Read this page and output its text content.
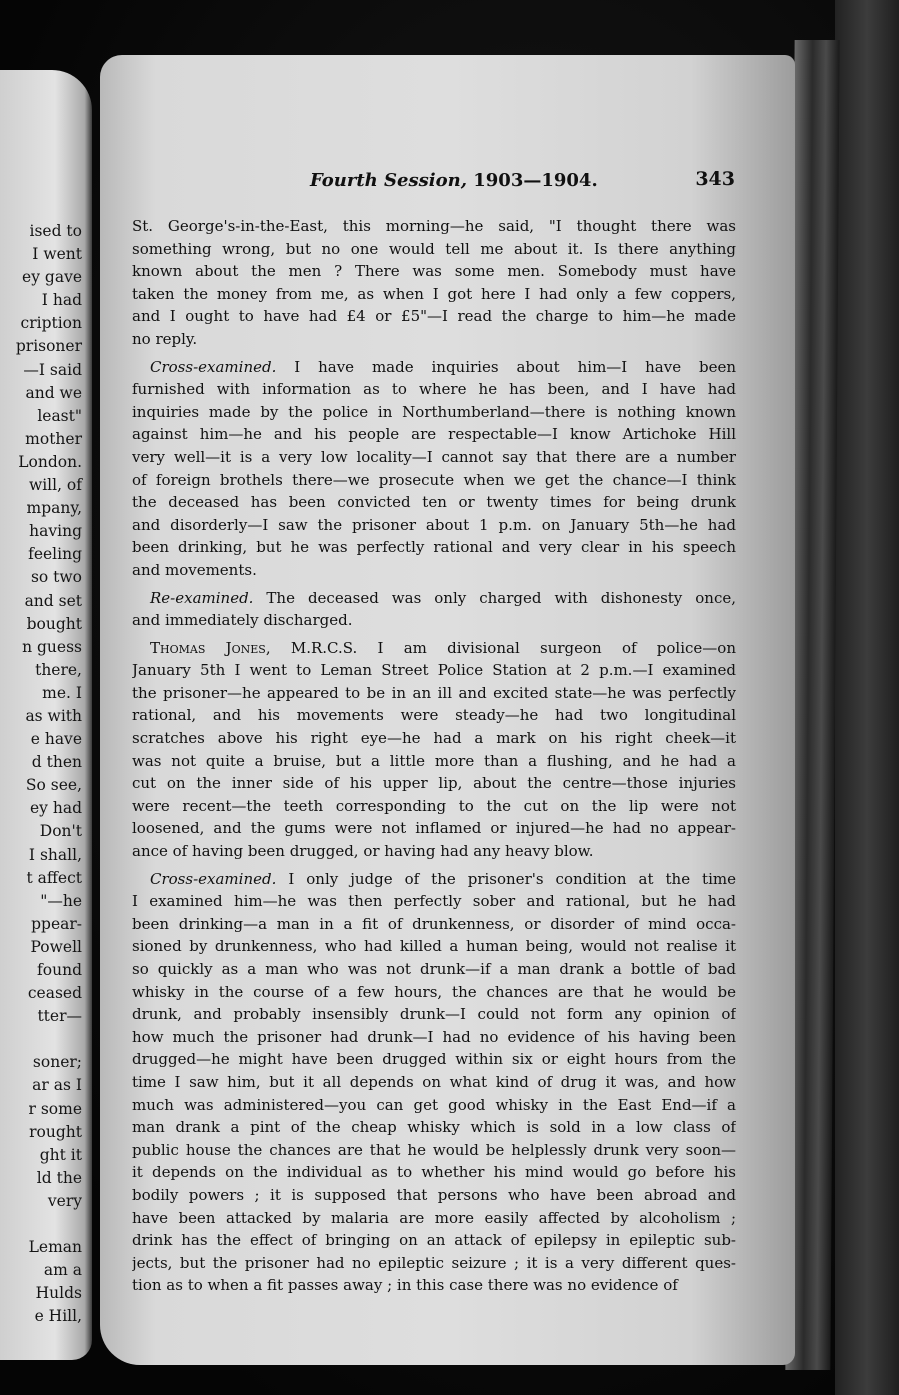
ised to
I went
ey gave
I had
cription
prisoner
—I said
and we
least"
mother
London.
will, of
mpany,
having
feeling
so two
and set
bought
n guess
there,
me. I
as with
e have
d then
So see,
ey had
Don't
I shall,
t affect
"—he
ppear-
Powell
found
ceased
tter—
soner;
ar as I
r some
rought
ght it
ld the
very
Leman
am a
Hulds
e Hill,
Fourth Session, 1903—1904.	343
St. George's-in-the-East, this morning—he said, "I thought there was
something wrong, but no one would tell me about it. Is there anything
known about the men ? There was some men. Somebody must have
taken the money from me, as when I got here I had only a few coppers,
and I ought to have had £4 or £5"—I read the charge to him—he made
no reply.
Cross-examined. I have made inquiries about him—I have been
furnished with information as to where he has been, and I have had
inquiries made by the police in Northumberland—there is nothing known
against him—he and his people are respectable—I know Artichoke Hill
very well—it is a very low locality—I cannot say that there are a number
of foreign brothels there—we prosecute when we get the chance—I think
the deceased has been convicted ten or twenty times for being drunk
and disorderly—I saw the prisoner about 1 p.m. on January 5th—he had
been drinking, but he was perfectly rational and very clear in his speech
and movements.
Re-examined. The deceased was only charged with dishonesty once,
and immediately discharged.
Thomas Jones, M.R.C.S. I am divisional surgeon of police—on
January 5th I went to Leman Street Police Station at 2 p.m.—I examined
the prisoner—he appeared to be in an ill and excited state—he was perfectly
rational, and his movements were steady—he had two longitudinal
scratches above his right eye—he had a mark on his right cheek—it
was not quite a bruise, but a little more than a flushing, and he had a
cut on the inner side of his upper lip, about the centre—those injuries
were recent—the teeth corresponding to the cut on the lip were not
loosened, and the gums were not inflamed or injured—he had no appear-
ance of having been drugged, or having had any heavy blow.
Cross-examined. I only judge of the prisoner's condition at the time
I examined him—he was then perfectly sober and rational, but he had
been drinking—a man in a fit of drunkenness, or disorder of mind occa-
sioned by drunkenness, who had killed a human being, would not realise it
so quickly as a man who was not drunk—if a man drank a bottle of bad
whisky in the course of a few hours, the chances are that he would be
drunk, and probably insensibly drunk—I could not form any opinion of
how much the prisoner had drunk—I had no evidence of his having been
drugged—he might have been drugged within six or eight hours from the
time I saw him, but it all depends on what kind of drug it was, and how
much was administered—you can get good whisky in the East End—if a
man drank a pint of the cheap whisky which is sold in a low class of
public house the chances are that he would be helplessly drunk very soon—
it depends on the individual as to whether his mind would go before his
bodily powers ; it is supposed that persons who have been abroad and
have been attacked by malaria are more easily affected by alcoholism ;
drink has the effect of bringing on an attack of epilepsy in epileptic sub-
jects, but the prisoner had no epileptic seizure ; it is a very different ques-
tion as to when a fit passes away ; in this case there was no evidence of
